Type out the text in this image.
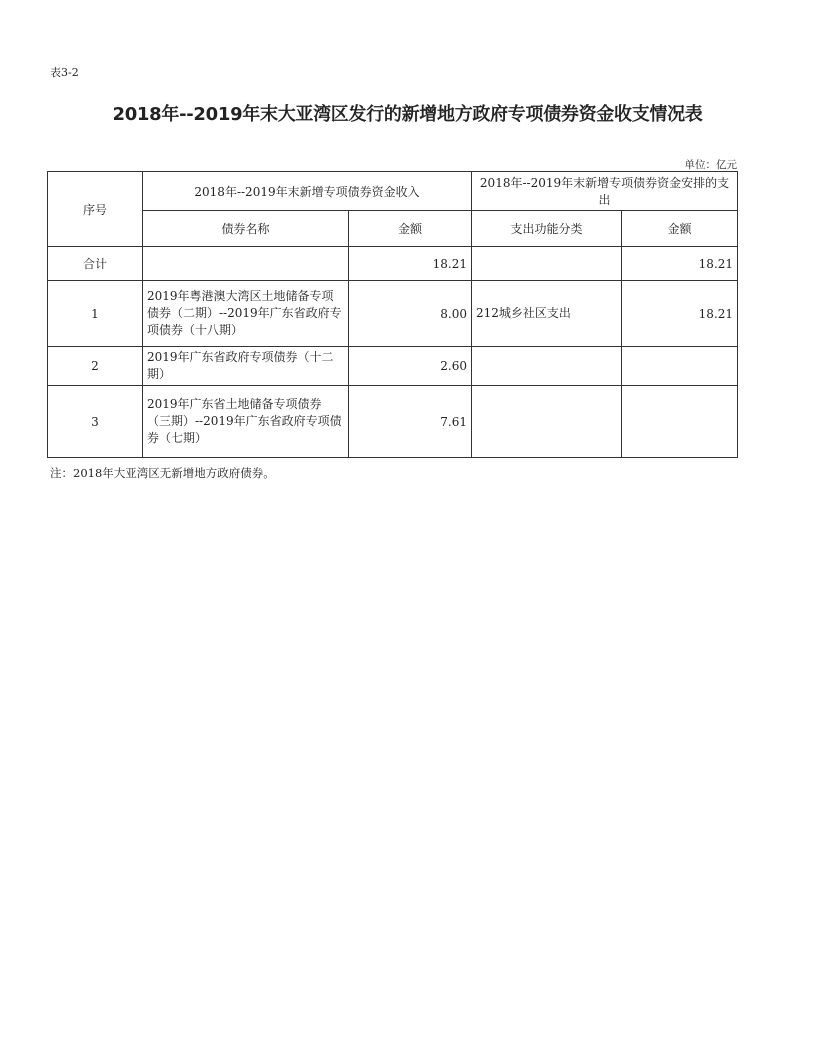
表3-2
2018年--2019年末大亚湾区发行的新增地方政府专项债券资金收支情况表
单位：亿元
序号	2018年--2019年末新增专项债券资金收入		2018年--2019年末新增专项债券资金安排的支出	
	债券名称	金额	支出功能分类	金额
合计		18.21		18.21
1	2019年粤港澳大湾区土地储备专项债券（二期）--2019年广东省政府专项债券（十八期）	8.00	212城乡社区支出	18.21
2	2019年广东省政府专项债券（十二期）	2.60		
3	2019年广东省土地储备专项债券（三期）--2019年广东省政府专项债券（七期）	7.61		
注：2018年大亚湾区无新增地方政府债券。
